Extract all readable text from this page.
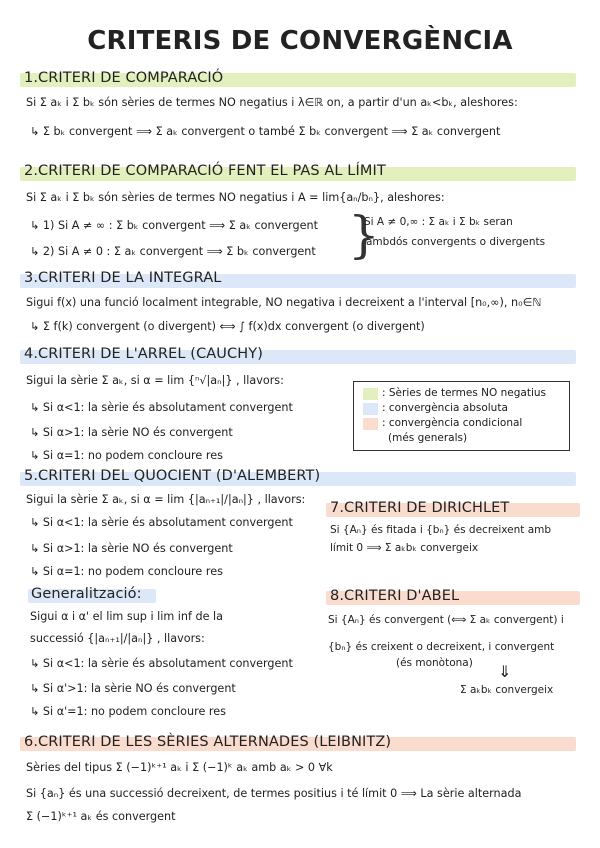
CRITERIS DE CONVERGÈNCIA
1.CRITERI DE COMPARACIÓ
Si Σ aₖ i Σ bₖ són sèries de termes NO negatius i λ∈ℝ on, a partir d'un aₖ<bₖ, aleshores:
↳ Σ bₖ convergent ⟹ Σ aₖ convergent o també Σ bₖ convergent ⟹ Σ aₖ convergent
2.CRITERI DE COMPARACIÓ FENT EL PAS AL LÍMIT
Si Σ aₖ i Σ bₖ són sèries de termes NO negatius i A = lim{aₙ/bₙ}, aleshores:
↳ 1) Si A ≠ ∞ : Σ bₖ convergent ⟹ Σ aₖ convergent
↳ 2) Si A ≠ 0 : Σ aₖ convergent ⟹ Σ bₖ convergent }
Si A ≠ 0,∞ : Σ aₖ i Σ bₖ seran
ambdós convergents o divergents
3.CRITERI DE LA INTEGRAL
Sigui f(x) una funció localment integrable, NO negativa i decreixent a l'interval [n₀,∞), n₀∈ℕ
↳ Σ f(k) convergent (o divergent) ⟺ ∫ f(x)dx convergent (o divergent)
4.CRITERI DE L'ARREL (CAUCHY)
Sigui la sèrie Σ aₖ, si α = lim {ⁿ√|aₙ|} , llavors:
↳ Si α<1: la sèrie és absolutament convergent
↳ Si α>1: la sèrie NO és convergent
↳ Si α=1: no podem concloure res
: Sèries de termes NO negatius
: convergència absoluta
: convergència condicional
(més generals)
5.CRITERI DEL QUOCIENT (D'ALEMBERT)
Sigui la sèrie Σ aₖ, si α = lim {|aₙ₊₁|/|aₙ|} , llavors:
↳ Si α<1: la sèrie és absolutament convergent
↳ Si α>1: la sèrie NO és convergent
↳ Si α=1: no podem concloure res
Generalització:
Sigui α i α' el lim sup i lim inf de la
successió {|aₙ₊₁|/|aₙ|} , llavors:
↳ Si α<1: la sèrie és absolutament convergent
↳ Si α'>1: la sèrie NO és convergent
↳ Si α'=1: no podem concloure res
7.CRITERI DE DIRICHLET
Si {Aₙ} és fitada i {bₙ} és decreixent amb
límit 0 ⟹ Σ aₖbₖ convergeix
8.CRITERI D'ABEL
Si {Aₙ} és convergent (⟺ Σ aₖ convergent) i
{bₙ} és creixent o decreixent, i convergent
(és monòtona) ⇓
Σ aₖbₖ convergeix
6.CRITERI DE LES SÈRIES ALTERNADES (LEIBNITZ)
Sèries del tipus Σ (−1)ᵏ⁺¹ aₖ i Σ (−1)ᵏ aₖ amb aₖ > 0 ∀k
Si {aₙ} és una successió decreixent, de termes positius i té límit 0 ⟹ La sèrie alternada
Σ (−1)ᵏ⁺¹ aₖ és convergent
